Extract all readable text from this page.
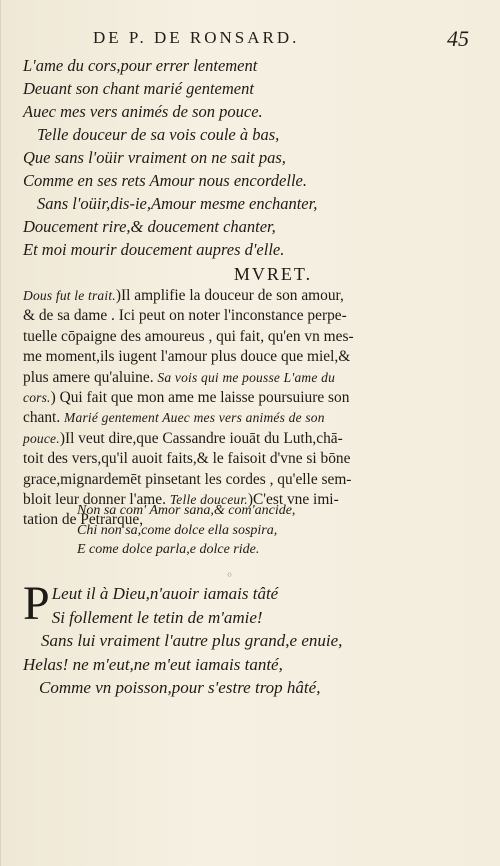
DE P. DE RONSARD.	45
L'ame du cors,pour errer lentement
Deuant son chant marié gentement
Auec mes vers animés de son pouce.
Telle douceur de sa vois coule à bas,
Que sans l'oüir vraiment on ne sait pas,
Comme en ses rets Amour nous encordelle.
Sans l'oüir,dis-ie,Amour mesme enchanter,
Doucement rire,& doucement chanter,
Et moi mourir doucement aupres d'elle.
MVRET.
Dous fut le trait.)Il amplifie la douceur de son amour,
& de sa dame . Ici peut on noter l'inconstance perpe-
tuelle cōpaigne des amoureus , qui fait, qu'en vn mes-
me moment,ils iugent l'amour plus douce que miel,&
plus amere qu'aluine. Sa vois qui me pousse L'ame du
cors.) Qui fait que mon ame me laisse poursuiure son
chant. Marié gentement Auec mes vers animés de son
pouce.)Il veut dire,que Cassandre iouāt du Luth,chā-
toit des vers,qu'il auoit faits,& le faisoit d'vne si bōne
grace,mignardemēt pinsetant les cordes , qu'elle sem-
bloit leur donner l'ame. Telle douceur.)C'est vne imi-
tation de Petrarque,
Non sa com' Amor sana,& com'ancide,
Chi non sa,come dolce ella sospira,
E come dolce parla,e dolce ride.
◦
P Leut il à Dieu,n'auoir iamais tâté
Si follement le tetin de m'amie!
Sans lui vraiment l'autre plus grand,e enuie,
Helas! ne m'eut,ne m'eut iamais tanté,
Comme vn poisson,pour s'estre trop hâté,
